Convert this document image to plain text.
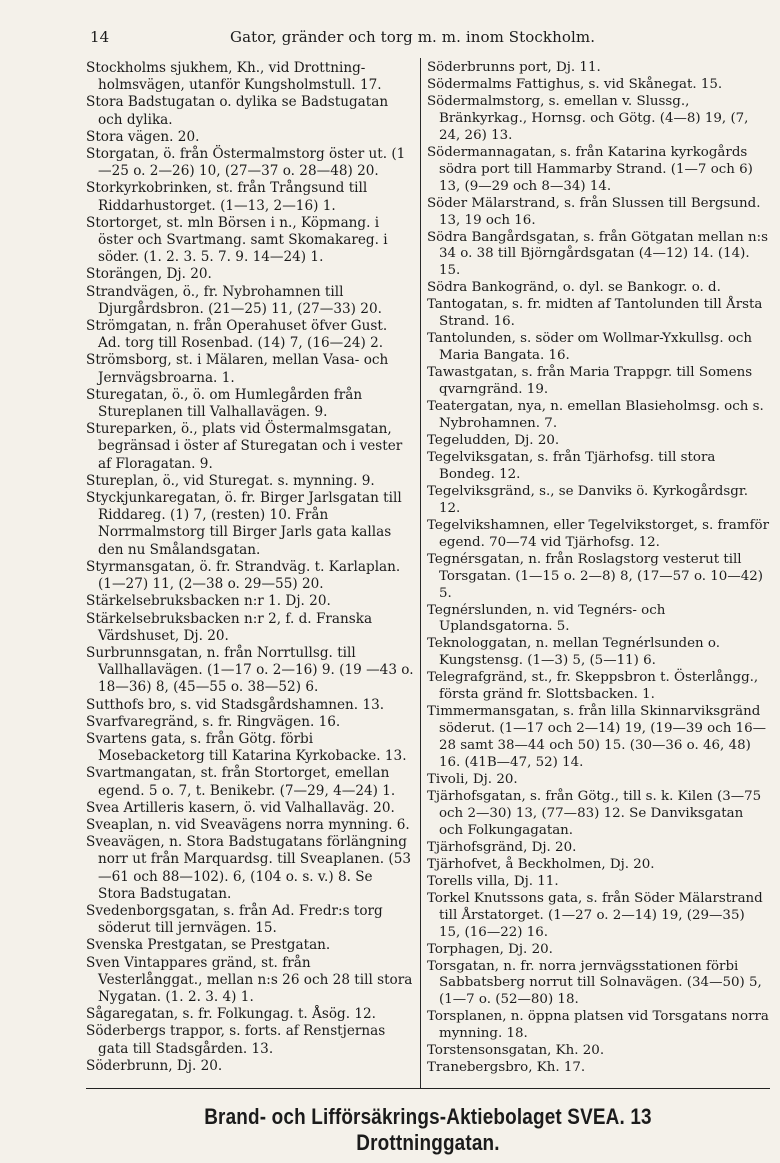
14	Gator, gränder och torg m. m. inom Stockholm.

Stockholms sjukhem, Kh., vid Drottning-holmsvägen, utanför Kungsholmstull. 17.

Stora Badstugatan o. dylika se Badstugatan och dylika.

Stora vägen. 20.

Storgatan, ö. från Östermalmstorg öster ut. (1—25 o. 2—26) 10, (27—37 o. 28—48) 20.

Storkyrkobrinken, st. från Trångsund till Riddarhustorget. (1—13, 2—16) 1.

Stortorget, st. mln Börsen i n., Köpmang. i öster och Svartmang. samt Skomakareg. i söder. (1. 2. 3. 5. 7. 9. 14—24) 1.

Storängen, Dj. 20.

Strandvägen, ö., fr. Nybrohamnen till Djurgårdsbron. (21—25) 11, (27—33) 20.

Strömgatan, n. från Operahuset öfver Gust. Ad. torg till Rosenbad. (14) 7, (16—24) 2.

Strömsborg, st. i Mälaren, mellan Vasa- och Jernvägsbroarna. 1.

Sturegatan, ö., ö. om Humlegården från Stureplanen till Valhallavägen. 9.

Stureparken, ö., plats vid Östermalmsgatan, begränsad i öster af Sturegatan och i vester af Floragatan. 9.

Stureplan, ö., vid Sturegat. s. mynning. 9.

Styckjunkaregatan, ö. fr. Birger Jarlsgatan till Riddareg. (1) 7, (resten) 10. Från Norrmalmstorg till Birger Jarls gata kallas den nu Smålandsgatan.

Styrmansgatan, ö. fr. Strandväg. t. Karlaplan. (1—27) 11, (2—38 o. 29—55) 20.

Stärkelsebruksbacken n:r 1. Dj. 20.

Stärkelsebruksbacken n:r 2, f. d. Franska Värdshuset, Dj. 20.

Surbrunnsgatan, n. från Norrtullsg. till Vallhallavägen. (1—17 o. 2—16) 9. (19 —43 o. 18—36) 8, (45—55 o. 38—52) 6.

Sutthofs bro, s. vid Stadsgårdshamnen. 13.

Svarfvaregränd, s. fr. Ringvägen. 16.

Svartens gata, s. från Götg. förbi Mosebacketorg till Katarina Kyrkobacke. 13.

Svartmangatan, st. från Stortorget, emellan egend. 5 o. 7, t. Benikebr. (7—29, 4—24) 1.

Svea Artilleris kasern, ö. vid Valhallaväg. 20.

Sveaplan, n. vid Sveavägens norra mynning. 6.

Sveavägen, n. Stora Badstugatans förlängning norr ut från Marquardsg. till Sveaplanen. (53—61 och 88—102). 6, (104 o. s. v.) 8. Se Stora Badstugatan.

Svedenborgsgatan, s. från Ad. Fredr:s torg söderut till jernvägen. 15.

Svenska Prestgatan, se Prestgatan.

Sven Vintappares gränd, st. från Vesterlånggat., mellan n:s 26 och 28 till stora Nygatan. (1. 2. 3. 4) 1.

Sågaregatan, s. fr. Folkungag. t. Åsög. 12.

Söderbergs trappor, s. forts. af Renstjernas gata till Stadsgården. 13.

Söderbrunn, Dj. 20.

Söderbrunns port, Dj. 11.

Södermalms Fattighus, s. vid Skånegat. 15.

Södermalmstorg, s. emellan v. Slussg., Bränkyrkag., Hornsg. och Götg. (4—8) 19, (7, 24, 26) 13.

Södermannagatan, s. från Katarina kyrkogårds södra port till Hammarby Strand. (1—7 och 6) 13, (9—29 och 8—34) 14.

Söder Mälarstrand, s. från Slussen till Bergsund. 13, 19 och 16.

Södra Bangårdsgatan, s. från Götgatan mellan n:s 34 o. 38 till Björngårdsgatan (4—12) 14. (14). 15.

Södra Bankogränd, o. dyl. se Bankogr. o. d.

Tantogatan, s. fr. midten af Tantolunden till Årsta Strand. 16.

Tantolunden, s. söder om Wollmar-Yxkullsg. och Maria Bangata. 16.

Tawastgatan, s. från Maria Trappgr. till Somens qvarngränd. 19.

Teatergatan, nya, n. emellan Blasieholmsg. och s. Nybrohamnen. 7.

Tegeludden, Dj. 20.

Tegelviksgatan, s. från Tjärhofsg. till stora Bondeg. 12.

Tegelviksgränd, s., se Danviks ö. Kyrkogårdsgr. 12.

Tegelvikshamnen, eller Tegelvikstorget, s. framför egend. 70—74 vid Tjärhofsg. 12.

Tegnérsgatan, n. från Roslagstorg vesterut till Torsgatan. (1—15 o. 2—8) 8, (17—57 o. 10—42) 5.

Tegnérslunden, n. vid Tegnérs- och Uplandsgatorna. 5.

Teknologgatan, n. mellan Tegnérlsunden o. Kungstensg. (1—3) 5, (5—11) 6.

Telegrafgränd, st., fr. Skeppsbron t. Österlångg., första gränd fr. Slottsbacken. 1.

Timmermansgatan, s. från lilla Skinnarviksgränd söderut. (1—17 och 2—14) 19, (19—39 och 16—28 samt 38—44 och 50) 15. (30—36 o. 46, 48) 16. (41B—47, 52) 14.

Tivoli, Dj. 20.

Tjärhofsgatan, s. från Götg., till s. k. Kilen (3—75 och 2—30) 13, (77—83) 12. Se Danviksgatan och Folkungagatan.

Tjärhofsgränd, Dj. 20.

Tjärhofvet, å Beckholmen, Dj. 20.

Torells villa, Dj. 11.

Torkel Knutssons gata, s. från Söder Mälarstrand till Årstatorget. (1—27 o. 2—14) 19, (29—35) 15, (16—22) 16.

Torphagen, Dj. 20.

Torsgatan, n. fr. norra jernvägsstationen förbi Sabbatsberg norrut till Solnavägen. (34—50) 5, (1—7 o. (52—80) 18.

Torsplanen, n. öppna platsen vid Torsgatans norra mynning. 18.

Torstensonsgatan, Kh. 20.

Tranebergsbro, Kh. 17.

Brand- och Lifförsäkrings-Aktiebolaget SVEA. 13 Drottninggatan.
